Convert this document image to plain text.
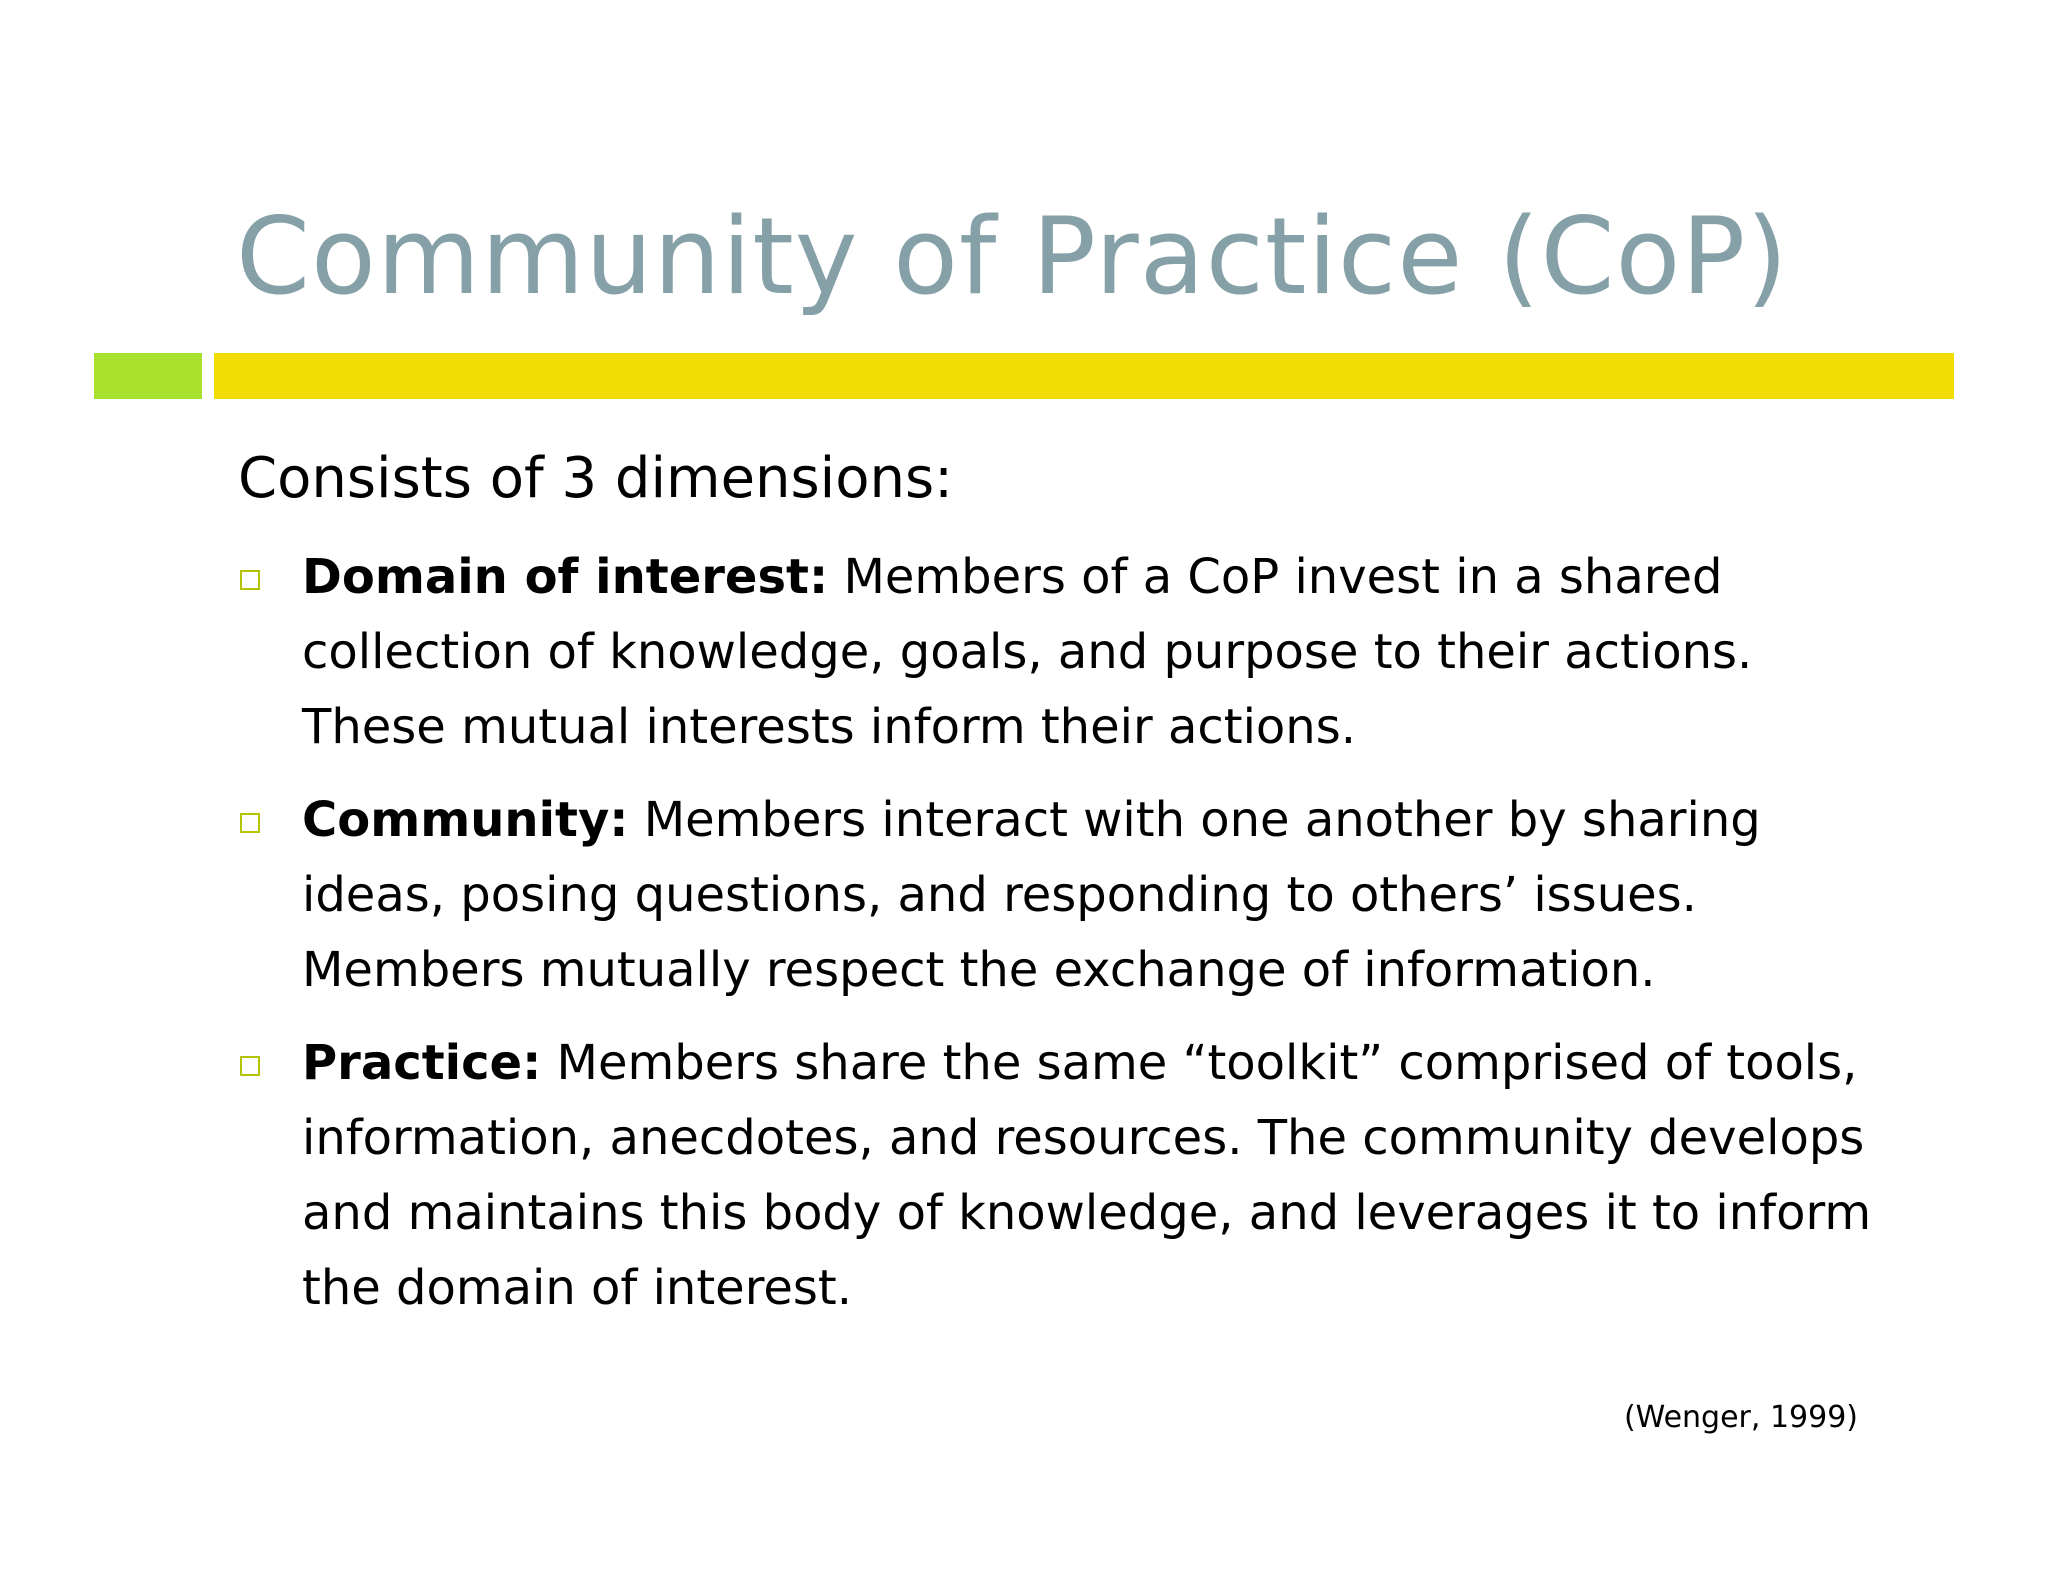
Community of Practice (CoP)

Consists of 3 dimensions:

Domain of interest: Members of a CoP invest in a shared collection of knowledge, goals, and purpose to their actions. These mutual interests inform their actions.
Community: Members interact with one another by sharing ideas, posing questions, and responding to others’ issues. Members mutually respect the exchange of information.
Practice: Members share the same “toolkit” comprised of tools, information, anecdotes, and resources. The community develops and maintains this body of knowledge, and leverages it to inform the domain of interest.
(Wenger, 1999)
